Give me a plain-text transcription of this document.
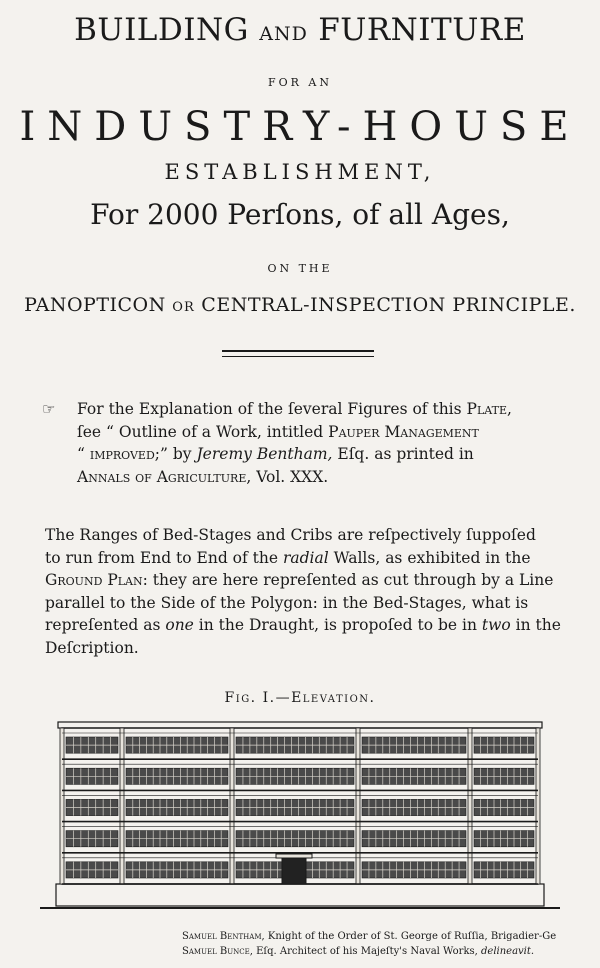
BUILDING AND FURNITURE
FOR AN
INDUSTRY-HOUSE
ESTABLISHMENT,
For 2000 Perſons, of all Ages,
ON THE
PANOPTICON OR CENTRAL-INSPECTION PRINCIPLE.
☞ For the Explanation of the ſeveral Figures of this Plate,
ſee “ Outline of a Work, intitled Pauper Management
“ improved;” by Jeremy Bentham, Eſq. as printed in
Annals of Agriculture, Vol. XXX.
The Ranges of Bed-Stages and Cribs are reſpectively ſuppoſed
to run from End to End of the radial Walls, as exhibited in the
Ground Plan: they are here repreſented as cut through by a Line
parallel to the Side of the Polygon: in the Bed-Stages, what is
repreſented as one in the Draught, is propoſed to be in two in the
Deſcription.
Fig. I.—Elevation.
Samuel Bentham, Knight of the Order of St. George of Ruſſia, Brigadier-Ge
Samuel Bunce, Eſq. Architect of his Majeſty's Naval Works, delineavit.
